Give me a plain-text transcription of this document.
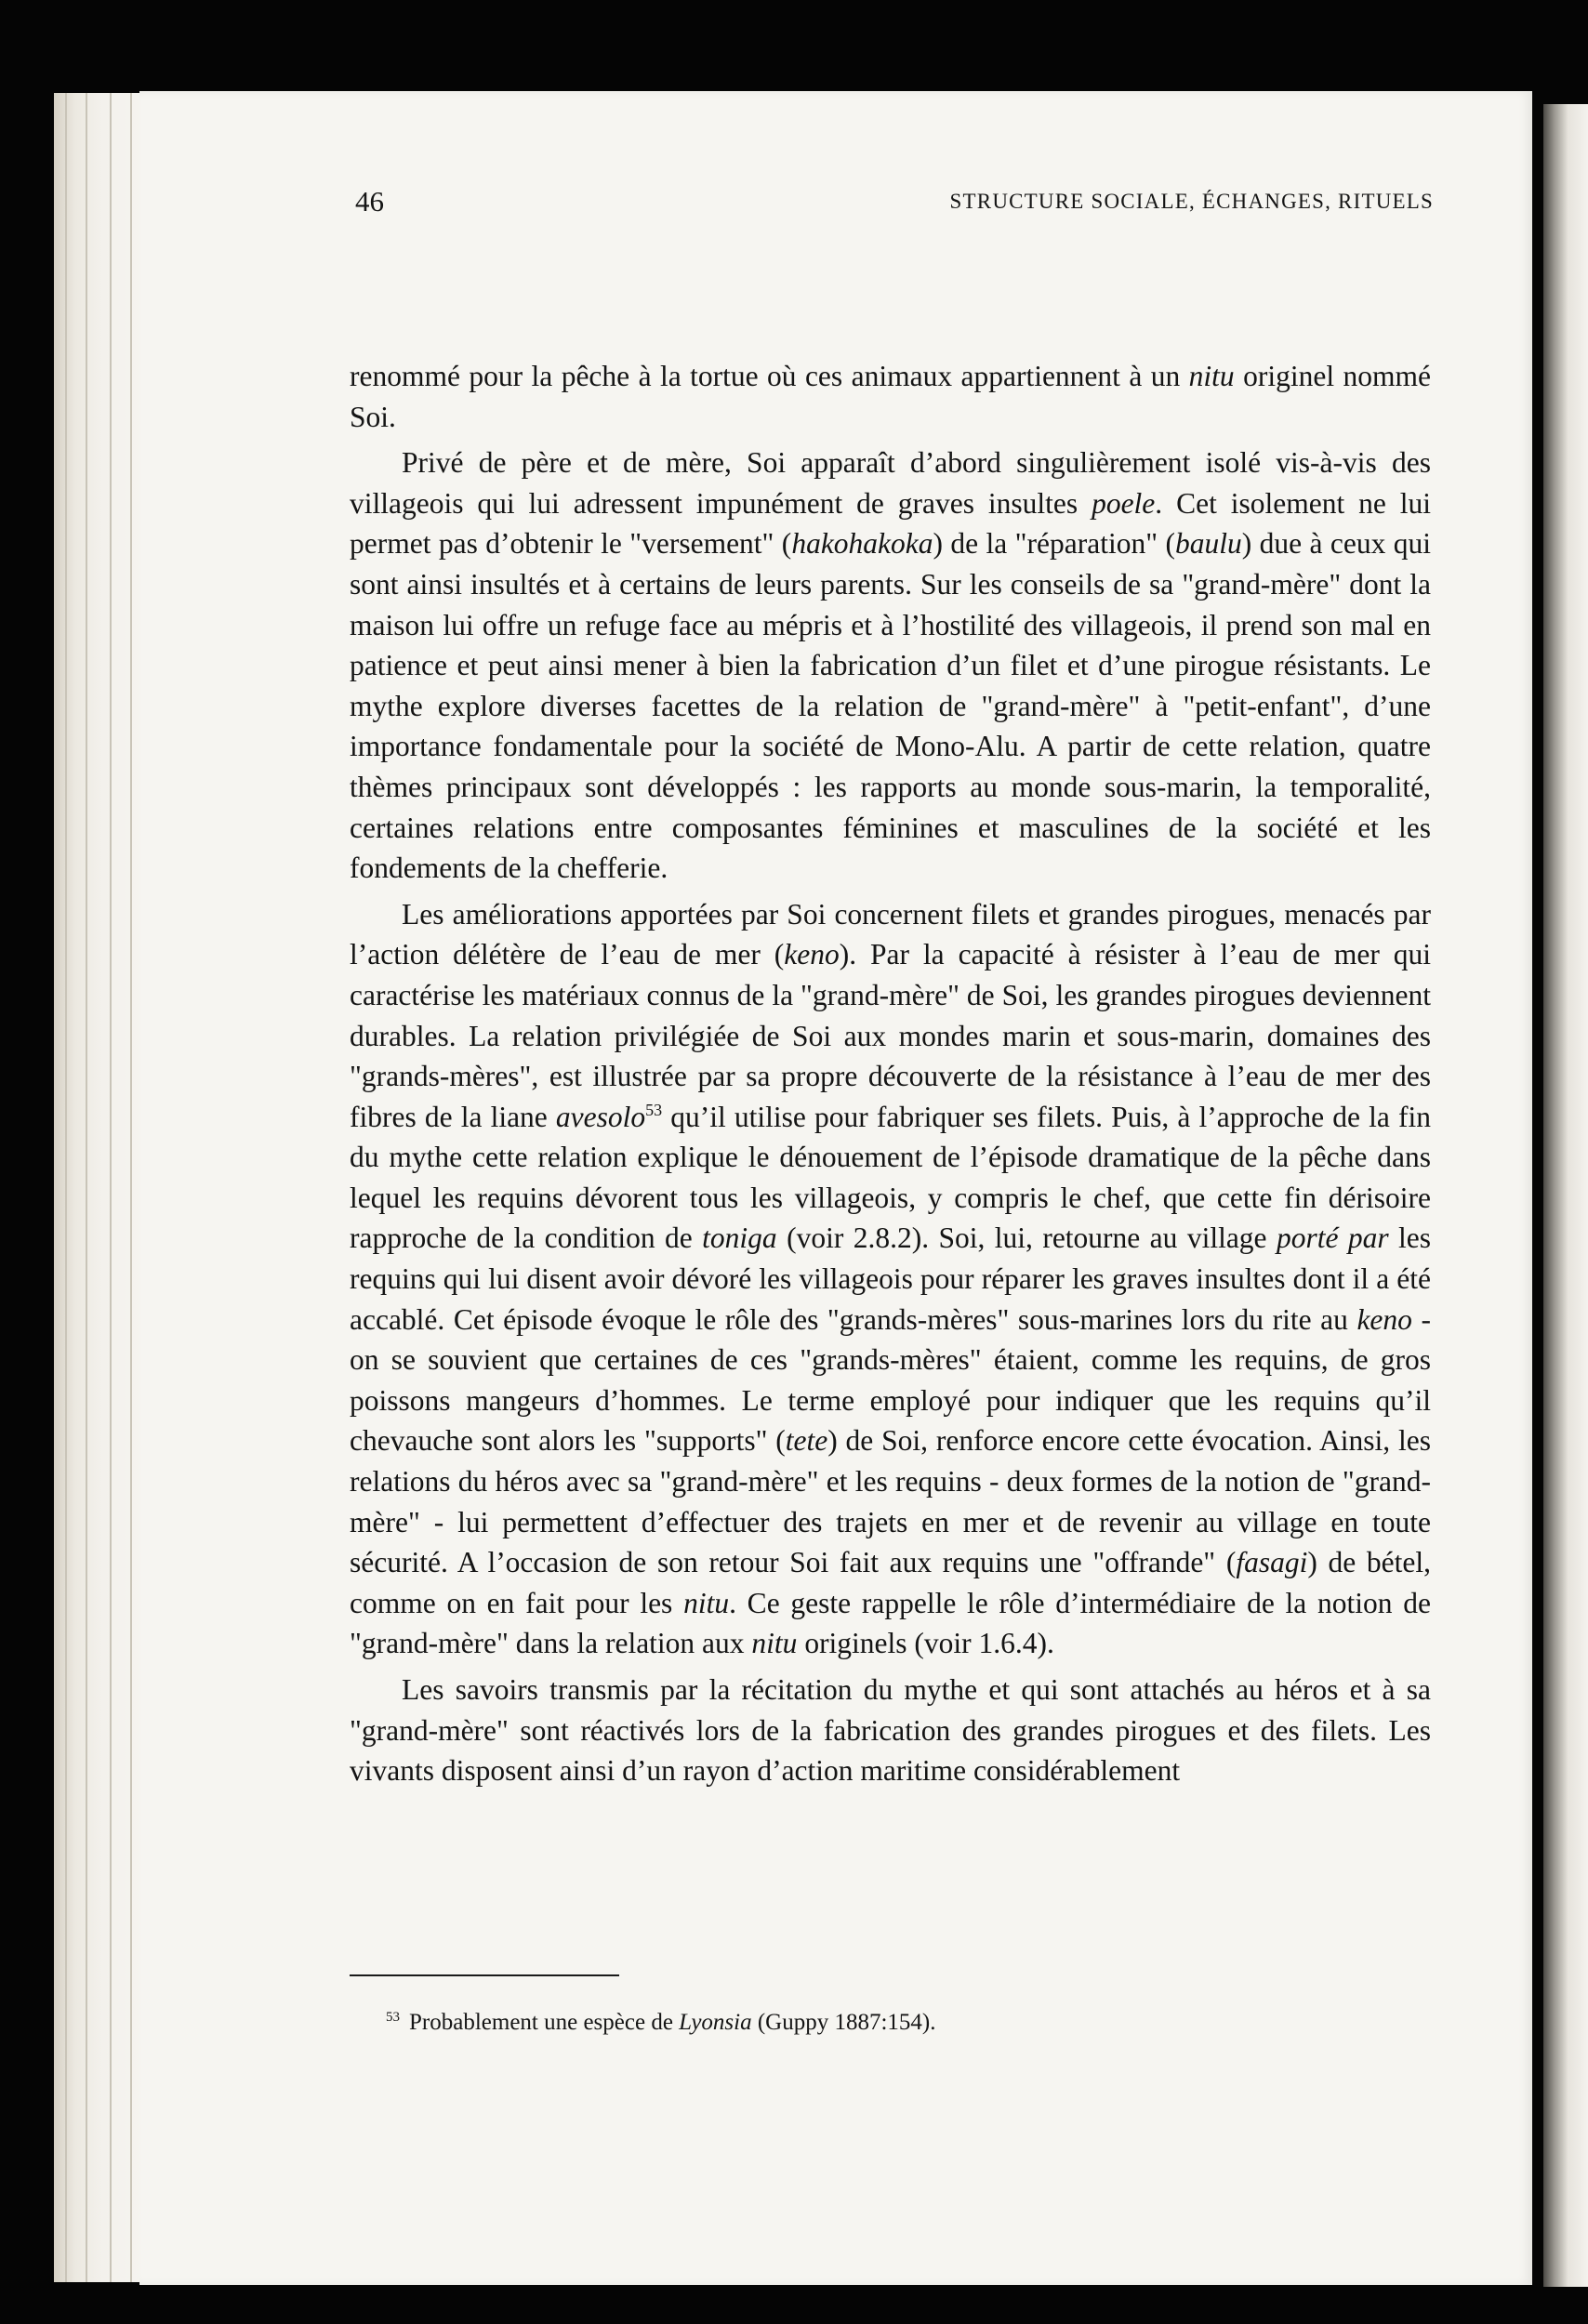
46	STRUCTURE SOCIALE, ÉCHANGES, RITUELS

renommé pour la pêche à la tortue où ces animaux appartiennent à un nitu originel nommé Soi.

Privé de père et de mère, Soi apparaît d’abord singulièrement isolé vis-à-vis des villageois qui lui adressent impunément de graves insultes poele. Cet isolement ne lui permet pas d’obtenir le "versement" (hakohakoka) de la "réparation" (baulu) due à ceux qui sont ainsi insultés et à certains de leurs parents. Sur les conseils de sa "grand-mère" dont la maison lui offre un refuge face au mépris et à l’hostilité des villageois, il prend son mal en patience et peut ainsi mener à bien la fabrication d’un filet et d’une pirogue résistants. Le mythe explore diverses facettes de la relation de "grand-mère" à "petit-enfant", d’une importance fondamentale pour la société de Mono-Alu. A partir de cette relation, quatre thèmes principaux sont développés : les rapports au monde sous-marin, la temporalité, certaines relations entre composantes féminines et masculines de la société et les fondements de la chefferie.

Les améliorations apportées par Soi concernent filets et grandes pirogues, menacés par l’action délétère de l’eau de mer (keno). Par la capacité à résister à l’eau de mer qui caractérise les matériaux connus de la "grand-mère" de Soi, les grandes pirogues deviennent durables. La relation privilégiée de Soi aux mondes marin et sous-marin, domaines des "grands-mères", est illustrée par sa propre découverte de la résistance à l’eau de mer des fibres de la liane avesolo$^{53}$ qu’il utilise pour fabriquer ses filets. Puis, à l’approche de la fin du mythe cette relation explique le dénouement de l’épisode dramatique de la pêche dans lequel les requins dévorent tous les villageois, y compris le chef, que cette fin dérisoire rapproche de la condition de toniga (voir 2.8.2). Soi, lui, retourne au village porté par les requins qui lui disent avoir dévoré les villageois pour réparer les graves insultes dont il a été accablé. Cet épisode évoque le rôle des "grands-mères" sous-marines lors du rite au keno - on se souvient que certaines de ces "grands-mères" étaient, comme les requins, de gros poissons mangeurs d’hommes. Le terme employé pour indiquer que les requins qu’il chevauche sont alors les "supports" (tete) de Soi, renforce encore cette évocation. Ainsi, les relations du héros avec sa "grand-mère" et les requins - deux formes de la notion de "grand-mère" - lui permettent d’effectuer des trajets en mer et de revenir au village en toute sécurité. A l’occasion de son retour Soi fait aux requins une "offrande" (fasagi) de bétel, comme on en fait pour les nitu. Ce geste rappelle le rôle d’intermédiaire de la notion de "grand-mère" dans la relation aux nitu originels (voir 1.6.4).

Les savoirs transmis par la récitation du mythe et qui sont attachés au héros et à sa "grand-mère" sont réactivés lors de la fabrication des grandes pirogues et des filets. Les vivants disposent ainsi d’un rayon d’action maritime considérablement

$^{53}$ Probablement une espèce de Lyonsia (Guppy 1887:154).
